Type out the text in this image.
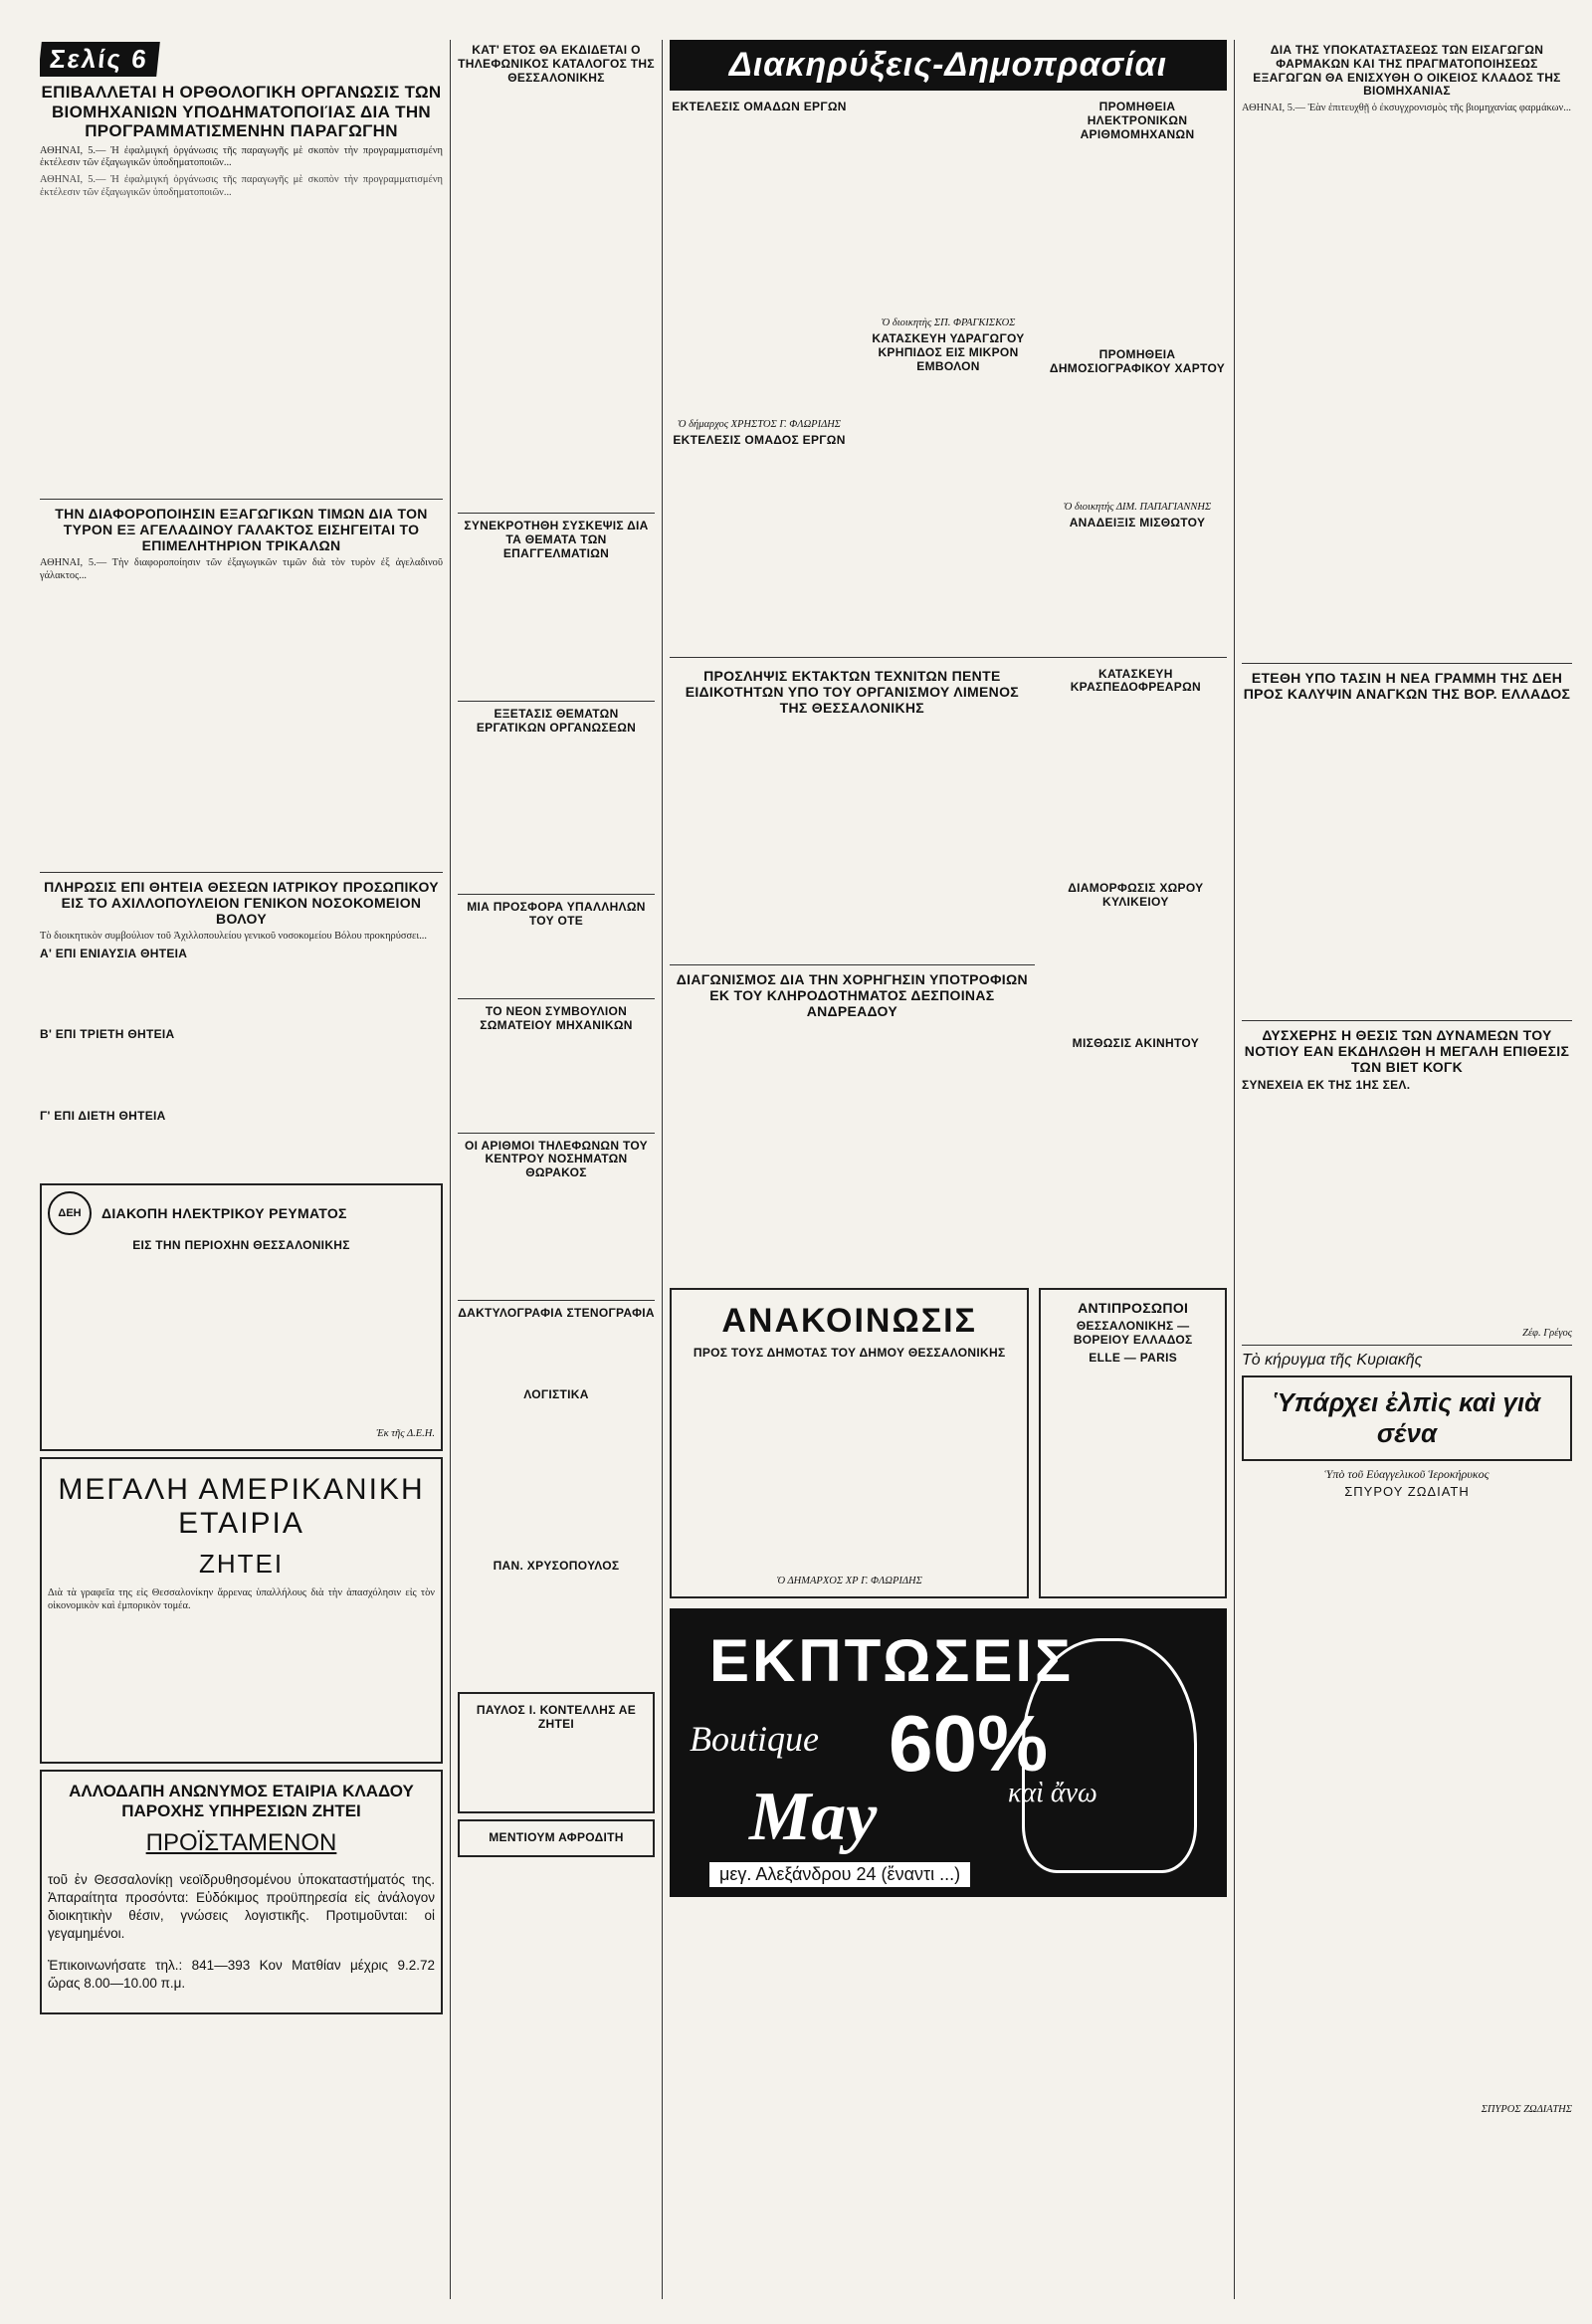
Σελίς 6
ΕΠΙΒΑΛΛΕΤΑΙ Η ΟΡΘΟΛΟΓΙΚΗ ΟΡΓΑΝΩΣΙΣ ΤΩΝ ΒΙΟΜΗΧΑΝΙΩΝ ΥΠΟΔΗΜΑΤΟΠΟΙΊΑΣ ΔΙΑ ΤΗΝ ΠΡΟΓΡΑΜΜΑΤΙΣΜΕΝΗΝ ΠΑΡΑΓΩΓΗΝ

ΑΘΗΝΑΙ, 5.— Ή ἐφαλμιγκή ὀργάνωσις τῆς παραγωγῆς μὲ σκοπὸν τὴν προγραμματισμένη ἐκτέλεσιν τῶν ἐξαγωγικῶν ὑποδηματοποιῶν...

ΑΘΗΝΑΙ, 5.— Ή ἐφαλμιγκή ὀργάνωσις τῆς παραγωγῆς μὲ σκοπὸν τὴν προγραμματισμένη ἐκτέλεσιν τῶν ἐξαγωγικῶν ὑποδηματοποιῶν...

ΤΗΝ ΔΙΑΦΟΡΟΠΟΙΗΣΙΝ ΕΞΑΓΩΓΙΚΩΝ ΤΙΜΩΝ ΔΙΑ ΤΟΝ ΤΥΡΟΝ ΕΞ ΑΓΕΛΑΔΙΝΟΥ ΓΑΛΑΚΤΟΣ ΕΙΣΗΓΕΙΤΑΙ ΤΟ ΕΠΙΜΕΛΗΤΗΡΙΟΝ ΤΡΙΚΑΛΩΝ

ΑΘΗΝΑΙ, 5.— Τὴν διαφοροποίησιν τῶν ἐξαγωγικῶν τιμῶν διὰ τὸν τυρὸν ἐξ ἀγελαδινοῦ γάλακτος...

ΠΛΗΡΩΣΙΣ ΕΠΙ ΘΗΤΕΙΑ ΘΕΣΕΩΝ ΙΑΤΡΙΚΟΥ ΠΡΟΣΩΠΙΚΟΥ ΕΙΣ ΤΟ ΑΧΙΛΛΟΠΟΥΛΕΙΟΝ ΓΕΝΙΚΟΝ ΝΟΣΟΚΟΜΕΙΟΝ ΒΟΛΟΥ

Τὸ διοικητικὸν συμβούλιον τοῦ Ἀχιλλοπουλείου γενικοῦ νοσοκομείου Βόλου προκηρύσσει...

Α' ΕΠΙ ΕΝΙΑΥΣΙΑ ΘΗΤΕΙΑ
Β' ΕΠΙ ΤΡΙΕΤΗ ΘΗΤΕΙΑ
Γ' ΕΠΙ ΔΙΕΤΗ ΘΗΤΕΙΑ
ΔΕΗ	ΔΙΑΚΟΠΗ ΗΛΕΚΤΡΙΚΟΥ ΡΕΥΜΑΤΟΣ
ΕΙΣ ΤΗΝ ΠΕΡΙΟΧΗΝ ΘΕΣΣΑΛΟΝΙΚΗΣ
Ἐκ τῆς Δ.Ε.Η.
ΜΕΓΑΛΗ ΑΜΕΡΙΚΑΝΙΚΗ ΕΤΑΙΡΙΑ
ΖΗΤΕΙ

Διὰ τὰ γραφεῖα της εἰς Θεσσαλονίκην ἄρρενας ὑπαλλήλους διὰ τὴν ἀπασχόλησιν εἰς τὸν οἰκονομικὸν καὶ ἐμπορικὸν τομέα.

ΑΛΛΟΔΑΠΗ ΑΝΩΝΥΜΟΣ ΕΤΑΙΡΙΑ ΚΛΑΔΟΥ ΠΑΡΟΧΗΣ ΥΠΗΡΕΣΙΩΝ ΖΗΤΕΙ
ΠΡΟΪΣΤΑΜΕΝΟΝ

τοῦ ἐν Θεσσαλονίκῃ νεοϊδρυθησομένου ὑποκαταστήματός της. Ἀπαραίτητα προσόντα: Εὐδόκιμος προϋπηρεσία εἰς ἀνάλογον διοικητικὴν θέσιν, γνώσεις λογιστικῆς. Προτιμοῦνται: οἱ γεγαμημένοι.

Ἐπικοινωνήσατε τηλ.: 841—393 Κον Ματθίαν μέχρις 9.2.72 ὥρας 8.00—10.00 π.μ.

ΚΑΤ' ΕΤΟΣ ΘΑ ΕΚΔΙΔΕΤΑΙ Ο ΤΗΛΕΦΩΝΙΚΟΣ ΚΑΤΑΛΟΓΟΣ ΤΗΣ ΘΕΣΣΑΛΟΝΙΚΗΣ
ΣΥΝΕΚΡΟΤΗΘΗ ΣΥΣΚΕΨΙΣ ΔΙΑ ΤΑ ΘΕΜΑΤΑ ΤΩΝ ΕΠΑΓΓΕΛΜΑΤΙΩΝ
ΕΞΕΤΑΣΙΣ ΘΕΜΑΤΩΝ ΕΡΓΑΤΙΚΩΝ ΟΡΓΑΝΩΣΕΩΝ
ΜΙΑ ΠΡΟΣΦΟΡΑ ΥΠΑΛΛΗΛΩΝ ΤΟΥ ΟΤΕ
ΤΟ ΝΕΟΝ ΣΥΜΒΟΥΛΙΟΝ ΣΩΜΑΤΕΙΟΥ ΜΗΧΑΝΙΚΩΝ
ΟΙ ΑΡΙΘΜΟΙ ΤΗΛΕΦΩΝΩΝ ΤΟΥ ΚΕΝΤΡΟΥ ΝΟΣΗΜΑΤΩΝ ΘΩΡΑΚΟΣ
ΔΑΚΤΥΛΟΓΡΑΦΙΑ ΣΤΕΝΟΓΡΑΦΙΑ
ΛΟΓΙΣΤΙΚΑ
ΠΑΝ. ΧΡΥΣΟΠΟΥΛΟΣ
ΠΑΥΛΟΣ Ι. ΚΟΝΤΕΛΛΗΣ ΑΕ ΖΗΤΕΙ
ΜΕΝΤΙΟΥΜ ΑΦΡΟΔΙΤΗ
Διακηρύξεις-Δημοπρασίαι
ΕΚΤΕΛΕΣΙΣ ΟΜΑΔΩΝ ΕΡΓΩΝ
Ὁ δήμαρχος ΧΡΗΣΤΟΣ Γ. ΦΛΩΡΙΔΗΣ
ΕΚΤΕΛΕΣΙΣ ΟΜΑΔΟΣ ΕΡΓΩΝ
Ὁ διοικητὴς ΣΠ. ΦΡΑΓΚΙΣΚΟΣ
ΚΑΤΑΣΚΕΥΗ ΥΔΡΑΓΩΓΟΥ ΚΡΗΠΙΔΟΣ ΕΙΣ ΜΙΚΡΟΝ ΕΜΒΟΛΟΝ
ΠΡΟΜΗΘΕΙΑ ΗΛΕΚΤΡΟΝΙΚΩΝ ΑΡΙΘΜΟΜΗΧΑΝΩΝ
ΠΡΟΜΗΘΕΙΑ ΔΗΜΟΣΙΟΓΡΑΦΙΚΟΥ ΧΑΡΤΟΥ
Ὁ διοικητής ΔΙΜ. ΠΑΠΑΓΙΑΝΝΗΣ
ΑΝΑΔΕΙΞΙΣ ΜΙΣΘΩΤΟΥ
ΠΡΟΣΛΗΨΙΣ ΕΚΤΑΚΤΩΝ ΤΕΧΝΙΤΩΝ ΠΕΝΤΕ ΕΙΔΙΚΟΤΗΤΩΝ ΥΠΟ ΤΟΥ ΟΡΓΑΝΙΣΜΟΥ ΛΙΜΕΝΟΣ ΤΗΣ ΘΕΣΣΑΛΟΝΙΚΗΣ
ΔΙΑΓΩΝΙΣΜΟΣ ΔΙΑ ΤΗΝ ΧΟΡΗΓΗΣΙΝ ΥΠΟΤΡΟΦΙΩΝ ΕΚ ΤΟΥ ΚΛΗΡΟΔΟΤΗΜΑΤΟΣ ΔΕΣΠΟΙΝΑΣ ΑΝΔΡΕΑΔΟΥ
ΚΑΤΑΣΚΕΥΗ ΚΡΑΣΠΕΔΟΦΡΕΑΡΩΝ
ΔΙΑΜΟΡΦΩΣΙΣ ΧΩΡΟΥ ΚΥΛΙΚΕΙΟΥ
ΜΙΣΘΩΣΙΣ ΑΚΙΝΗΤΟΥ
ΑΝΑΚΟΙΝΩΣΙΣ
ΠΡΟΣ ΤΟΥΣ ΔΗΜΟΤΑΣ ΤΟΥ ΔΗΜΟΥ ΘΕΣΣΑΛΟΝΙΚΗΣ
Ὁ ΔΗΜΑΡΧΟΣ ΧΡ Γ. ΦΛΩΡΙΔΗΣ
ΑΝΤΙΠΡΟΣΩΠΟΙ
ΘΕΣΣΑΛΟΝΙΚΗΣ — ΒΟΡΕΙΟΥ ΕΛΛΑΔΟΣ
ELLE — PARIS
ΕΚΠΤΩΣΕΙΣ
60%
Boutique
May	καὶ ἄνω
μεγ. Αλεξάνδρου 24 (ἔναντι ...)
ΔΙΑ ΤΗΣ ΥΠΟΚΑΤΑΣΤΑΣΕΩΣ ΤΩΝ ΕΙΣΑΓΩΓΩΝ ΦΑΡΜΑΚΩΝ ΚΑΙ ΤΗΣ ΠΡΑΓΜΑΤΟΠΟΙΗΣΕΩΣ ΕΞΑΓΩΓΩΝ ΘΑ ΕΝΙΣΧΥΘΗ Ο ΟΙΚΕΙΟΣ ΚΛΑΔΟΣ ΤΗΣ ΒΙΟΜΗΧΑΝΙΑΣ

ΑΘΗΝΑΙ, 5.— Ἐὰν ἐπιτευχθῇ ὁ ἐκσυγχρονισμὸς τῆς βιομηχανίας φαρμάκων...

ΕΤΕΘΗ ΥΠΟ ΤΑΣΙΝ Η ΝΕΑ ΓΡΑΜΜΗ ΤΗΣ ΔΕΗ ΠΡΟΣ ΚΑΛΥΨΙΝ ΑΝΑΓΚΩΝ ΤΗΣ ΒΟΡ. ΕΛΛΑΔΟΣ
ΔΥΣΧΕΡΗΣ Η ΘΕΣΙΣ ΤΩΝ ΔΥΝΑΜΕΩΝ ΤΟΥ ΝΟΤΙΟΥ ΕΑΝ ΕΚΔΗΛΩΘΗ Η ΜΕΓΑΛΗ ΕΠΙΘΕΣΙΣ ΤΩΝ ΒΙΕΤ ΚΟΓΚ
ΣΥΝΕΧΕΙΑ ΕΚ ΤΗΣ 1ΗΣ ΣΕΛ.
Ζέφ. Γρέγος
Τὸ κήρυγμα τῆς Κυριακῆς
Ὑπάρχει ἐλπὶς καὶ γιὰ σένα
Ὑπὸ τοῦ Εὐαγγελικοῦ Ἱεροκήρυκος
ΣΠΥΡΟΥ ΖΩΔΙΑΤΗ
ΣΠΥΡΟΣ ΖΩΔΙΑΤΗΣ
